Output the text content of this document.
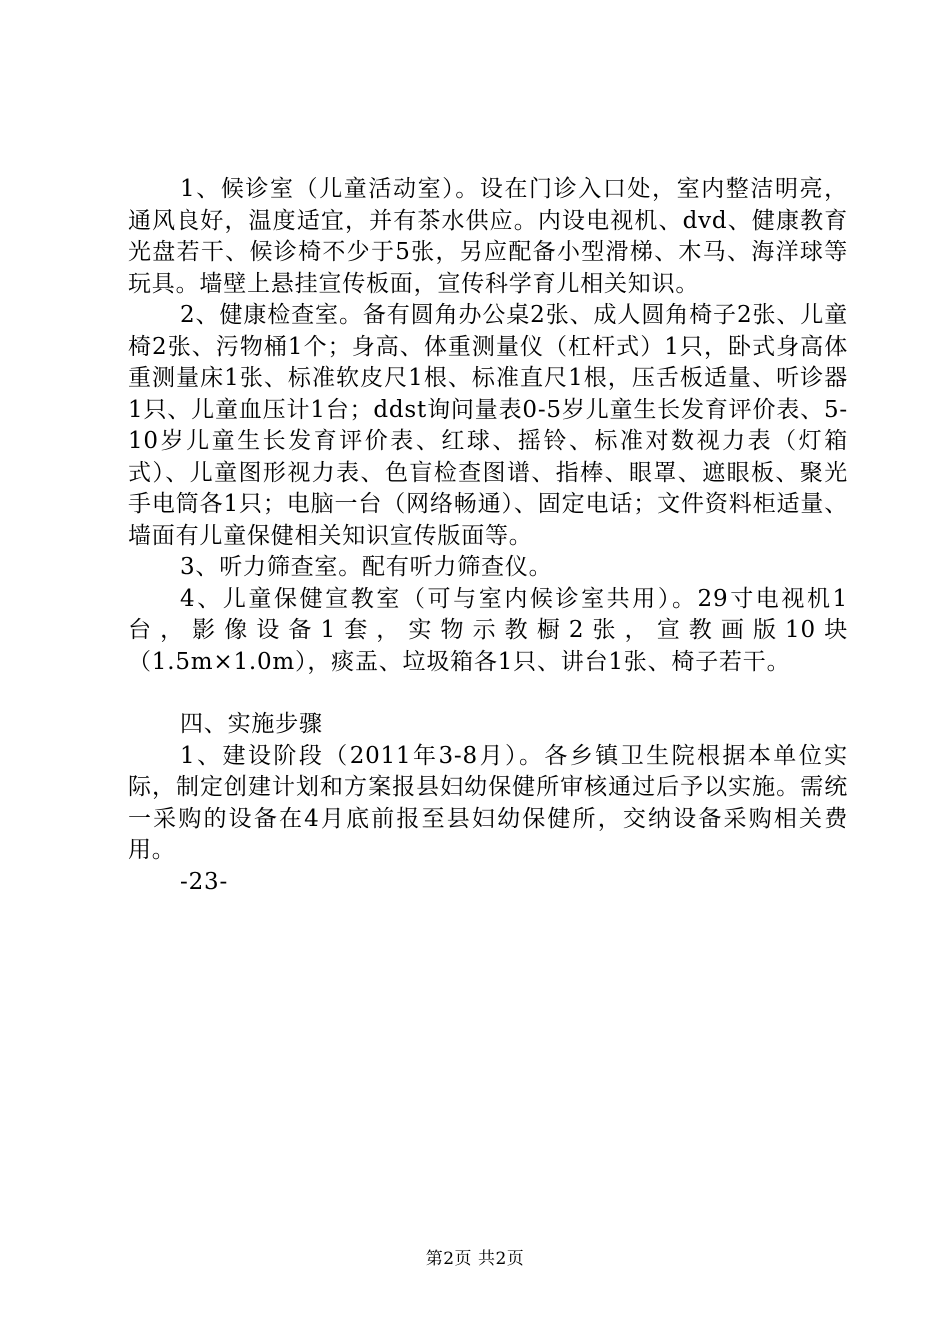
1、候诊室（儿童活动室）。设在门诊入口处，室内整洁明亮，通风良好，温度适宜，并有茶水供应。内设电视机、dvd、健康教育光盘若干、候诊椅不少于5张，另应配备小型滑梯、木马、海洋球等玩具。墙壁上悬挂宣传板面，宣传科学育儿相关知识。

2、健康检查室。备有圆角办公桌2张、成人圆角椅子2张、儿童椅2张、污物桶1个；身高、体重测量仪（杠杆式）1只，卧式身高体重测量床1张、标准软皮尺1根、标准直尺1根，压舌板适量、听诊器1只、儿童血压计1台；ddst询问量表0-5岁儿童生长发育评价表、5-10岁儿童生长发育评价表、红球、摇铃、标准对数视力表（灯箱式）、儿童图形视力表、色盲检查图谱、指棒、眼罩、遮眼板、聚光手电筒各1只；电脑一台（网络畅通）、固定电话；文件资料柜适量、墙面有儿童保健相关知识宣传版面等。

3、听力筛查室。配有听力筛查仪。

4、儿童保健宣教室（可与室内候诊室共用）。29寸电视机1台，影像设备1套，实物示教橱2张，宣教画版10块（1.5m×1.0m），痰盂、垃圾箱各1只、讲台1张、椅子若干。

四、实施步骤

1、建设阶段（2011年3-8月）。各乡镇卫生院根据本单位实际，制定创建计划和方案报县妇幼保健所审核通过后予以实施。需统一采购的设备在4月底前报至县妇幼保健所，交纳设备采购相关费用。

-23-

第2页 共2页
